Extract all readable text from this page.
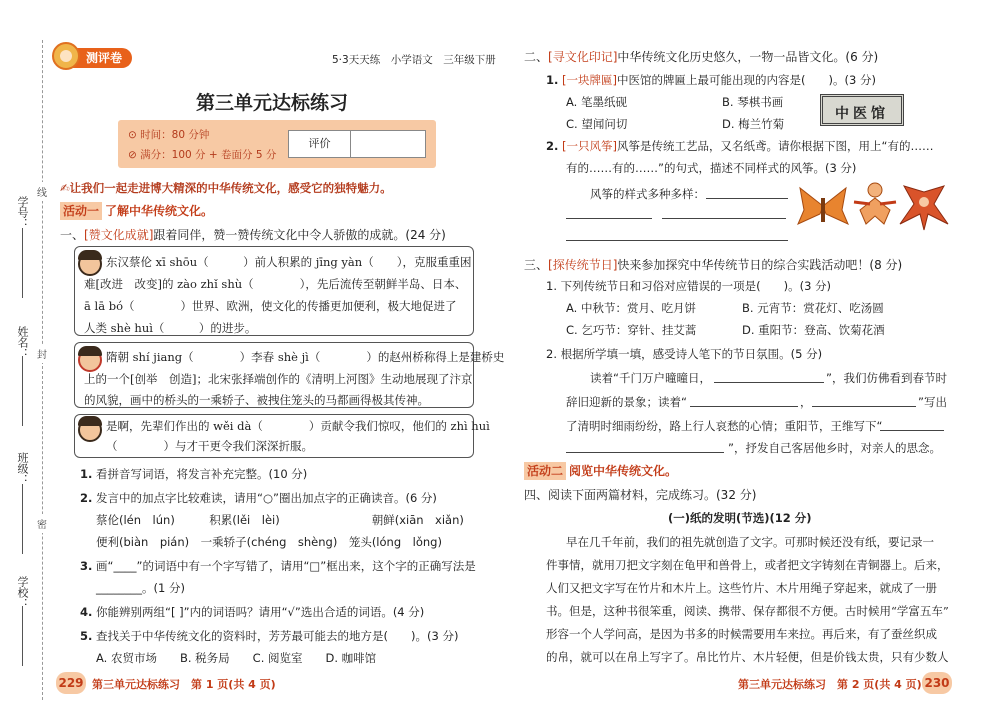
学号：
姓名：
班级：
学校：
线
封
密
测评卷	5·3天天练　小学语文　三年级下册
第三单元达标练习
⊙ 时间：80 分钟
⊘ 满分：100 分 + 卷面分 5 分
评价
✍让我们一起走进博大精深的中华传统文化，感受它的独特魅力。
活动一 了解中华传统文化。
一、[赞文化成就]跟着同伴，赞一赞传统文化中令人骄傲的成就。(24 分)
东汉蔡伦 xī shōu（　　　）前人积累的 jīng yàn（　　），克服重重困
难[改进　改变]的 zào zhǐ shù（　　　　），先后流传至朝鲜半岛、日本、
ā lā bó（　　　　）世界、欧洲，使文化的传播更加便利，极大地促进了
人类 shè huì（　　　）的进步。
隋朝 shí jiang（　　　　）李春 shè jì（　　　　）的赵州桥称得上是建桥史
上的一个[创举　创造]；北宋张择端创作的《清明上河图》生动地展现了汴京
的风貌，画中的桥头的一乘轿子、被拽住笼头的马都画得极其传神。
是啊，先辈们作出的 wěi dà（　　　　）贡献令我们惊叹，他们的 zhì huì
（　　　　）与才干更令我们深深折服。
1. 看拼音写词语，将发言补充完整。(10 分)
2. 发言中的加点字比较难读，请用“○”圈出加点字的正确读音。(6 分)
蔡伦(lén　lún)　　　积累(lěi　lèi)　　　　　　　　朝鲜(xiān　xiǎn)
便利(biàn　pián)　一乘轿子(chéng　shèng)　笼头(lóng　lǒng)
3. 画“____”的词语中有一个字写错了，请用“□”框出来，这个字的正确写法是
________。(1 分)
4. 你能辨别两组“[ ]”内的词语吗？请用“√”选出合适的词语。(4 分)
5. 查找关于中华传统文化的资料时，芳芳最可能去的地方是(　　)。(3 分)
A. 农贸市场　　B. 税务局　　C. 阅览室　　D. 咖啡馆
229 第三单元达标练习　第 1 页(共 4 页)
二、[寻文化印记]中华传统文化历史悠久，一物一品皆文化。(6 分)
1. [一块牌匾]中医馆的牌匾上最可能出现的内容是(　　)。(3 分)
A. 笔墨纸砚	B. 琴棋书画
C. 望闻问切	D. 梅兰竹菊
中医馆
2. [一只风筝]风筝是传统工艺品，又名纸鸢。请你根据下图，用上“有的……
有的……有的……”的句式，描述不同样式的风筝。(3 分)
风筝的样式多种多样：
三、[探传统节日]快来参加探究中华传统节日的综合实践活动吧！(8 分)
1. 下列传统节日和习俗对应错误的一项是(　　)。(3 分)
A. 中秋节：赏月、吃月饼	B. 元宵节：赏花灯、吃汤圆
C. 乞巧节：穿针、挂艾蒿	D. 重阳节：登高、饮菊花酒
2. 根据所学填一填，感受诗人笔下的节日氛围。(5 分)
读着“千门万户曈曈日，	”，我们仿佛看到春节时
辞旧迎新的景象；读着“	，	”写出
了清明时细雨纷纷，路上行人哀愁的心情；重阳节，王维写下“
”，抒发自己客居他乡时，对亲人的思念。
活动二 阅览中华传统文化。
四、阅读下面两篇材料，完成练习。(32 分)
(一)纸的发明(节选)(12 分)
早在几千年前，我们的祖先就创造了文字。可那时候还没有纸，要记录一
件事情，就用刀把文字刻在龟甲和兽骨上，或者把文字铸刻在青铜器上。后来，
人们又把文字写在竹片和木片上。这些竹片、木片用绳子穿起来，就成了一册
书。但是，这种书很笨重，阅读、携带、保存都很不方便。古时候用“学富五车”
形容一个人学问高，是因为书多的时候需要用车来拉。再后来，有了蚕丝织成
的帛，就可以在帛上写字了。帛比竹片、木片轻便，但是价钱太贵，只有少数人
第三单元达标练习　第 2 页(共 4 页) 230
